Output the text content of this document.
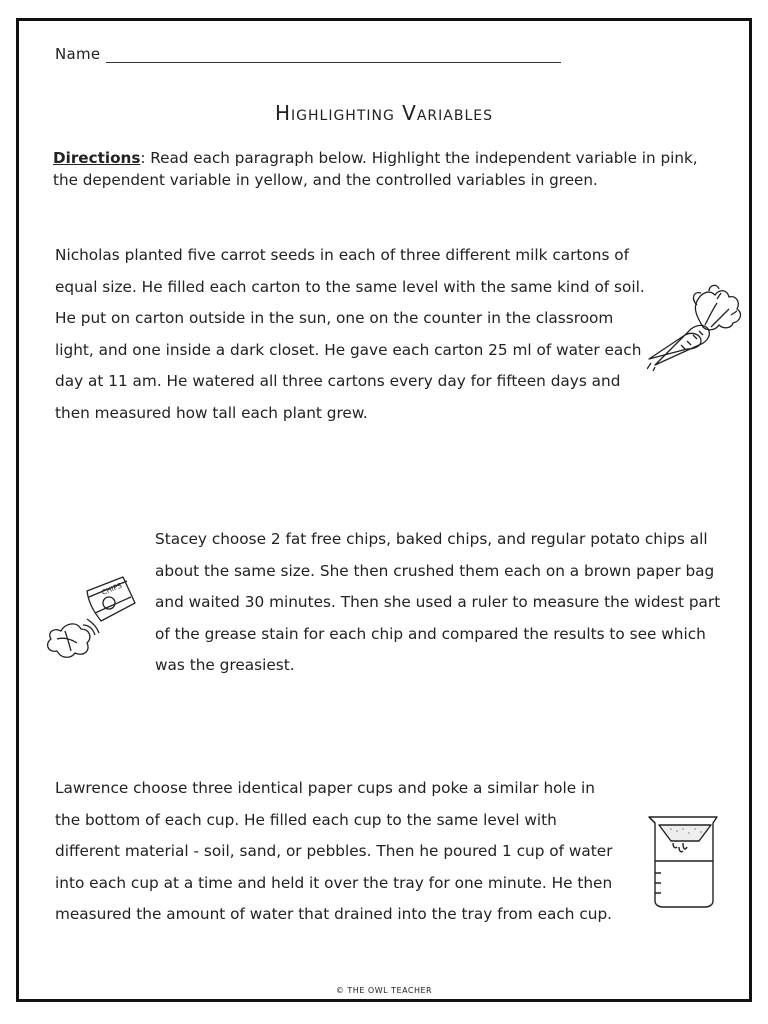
Name
Highlighting Variables
Directions: Read each paragraph below. Highlight the independent variable in pink, the dependent variable in yellow, and the controlled variables in green.

Nicholas planted five carrot seeds in each of three different milk cartons of equal size. He filled each carton to the same level with the same kind of soil. He put on carton outside in the sun, one on the counter in the classroom light, and one inside a dark closet. He gave each carton 25 ml of water each day at 11 am. He watered all three cartons every day for fifteen days and then measured how tall each plant grew.

Stacey choose 2 fat free chips, baked chips, and regular potato chips all about the same size. She then crushed them each on a brown paper bag and waited 30 minutes. Then she used a ruler to measure the widest part of the grease stain for each chip and compared the results to see which was the greasiest.

CHIPS

Lawrence choose three identical paper cups and poke a similar hole in the bottom of each cup. He filled each cup to the same level with different material - soil, sand, or pebbles. Then he poured 1 cup of water into each cup at a time and held it over the tray for one minute. He then measured the amount of water that drained into the tray from each cup.

© THE OWL TEACHER
